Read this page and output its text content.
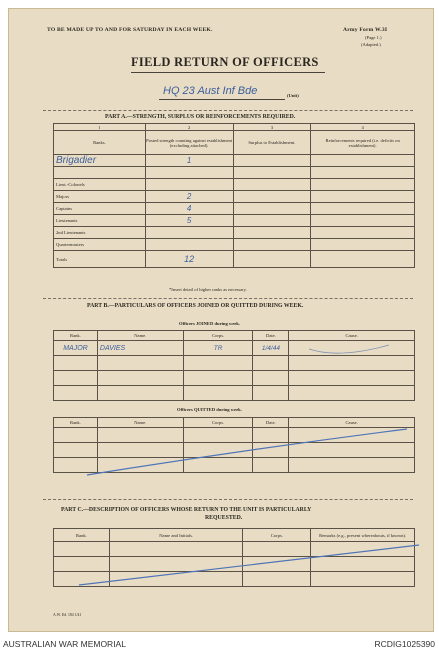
TO BE MADE UP TO AND FOR SATURDAY IN EACH WEEK.	Army Form W.3I
(Page 1.)
(Adapted.)
FIELD RETURN OF OFFICERS
HQ 23 Aust Inf Bde	(Unit)
PART A.—STRENGTH, SURPLUS OR REINFORCEMENTS REQUIRED.
1	2	3	4
Ranks.	Posted strength counting against establishment (excluding attached).	Surplus to Establishment.	Reinforcements required (i.e. deficits on establishment).
Brigadier	1		

Lieut.-Colonels			
Majors	2		
Captains	4		
Lieutenants	5		
2nd Lieutenants			
Quartermasters			
Totals	12		
*Insert detail of higher ranks as necessary.
PART B.—PARTICULARS OF OFFICERS JOINED OR QUITTED DURING WEEK.
Officers JOINED during week.
Rank.	Name.	Corps.	Date.	Cause.
MAJOR	DAVIES	TR	1/4/44	

Officers QUITTED during week.
Rank.	Name.	Corps.	Date.	Cause.

PART C.—DESCRIPTION OF OFFICERS WHOSE RETURN TO THE UNIT IS PARTICULARLY
REQUESTED.
Rank.	Name and Initials.	Corps.	Remarks (e.g., present whereabouts, if known).

A.W. Ed. 184 1/41
AUSTRALIAN WAR MEMORIAL	RCDIG1025390
